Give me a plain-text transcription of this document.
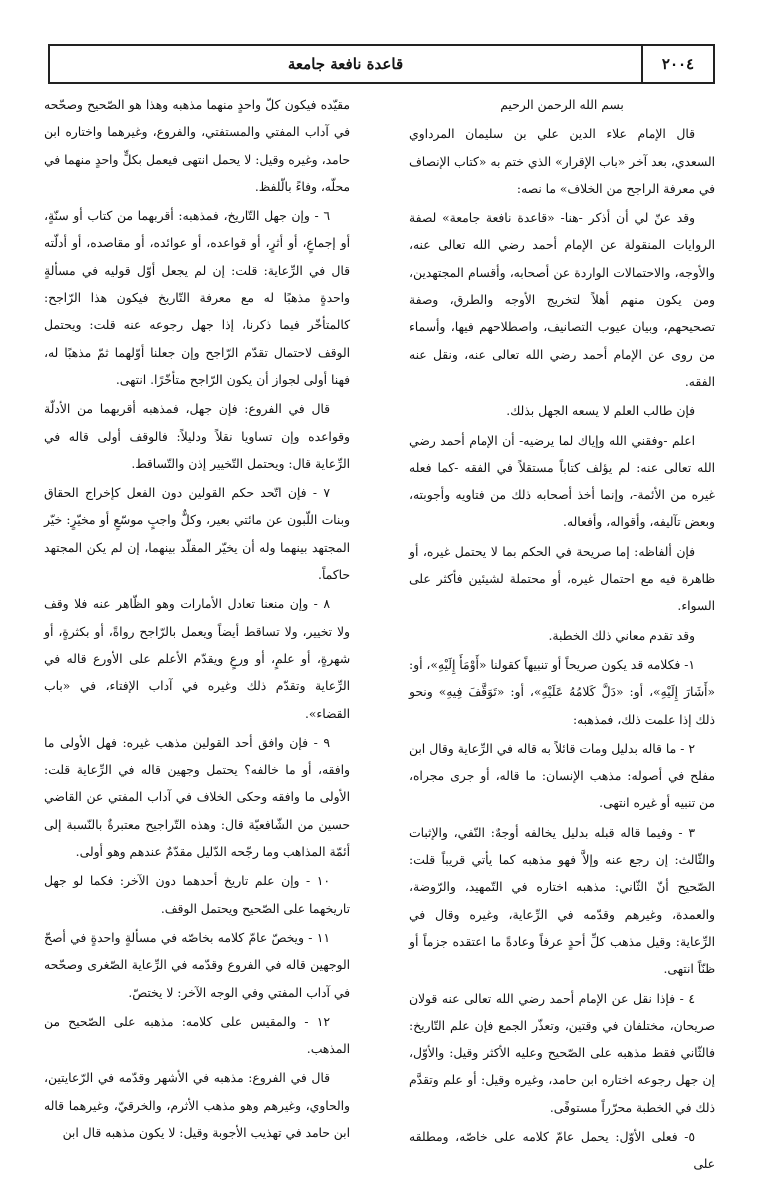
٢٠٠٤
قاعدة نافعة جامعة

بسم الله الرحمن الرحيم

قال الإمام علاء الدين علي بن سليمان المرداوي السعدي، بعد آخر «باب الإقرار» الذي ختم به «كتاب الإنصاف في معرفة الراجح من الخلاف» ما نصه:

وقد عنّ لي أن أذكر -هنا- «قاعدة نافعة جامعة» لصفة الروايات المنقولة عن الإمام أحمد رضي الله تعالى عنه، والأوجه، والاحتمالات الواردة عن أصحابه، وأقسام المجتهدين، ومن يكون منهم أهلاً لتخريج الأوجه والطرق، وصفة تصحيحهم، وبيان عيوب التصانيف، واصطلاحهم فيها، وأسماء من روى عن الإمام أحمد رضي الله تعالى عنه، ونقل عنه الفقه.

فإن طالب العلم لا يسعه الجهل بذلك.

اعلم -وفقني الله وإياك لما يرضيه- أن الإمام أحمد رضي الله تعالى عنه: لم يؤلف كتاباً مستقلاً في الفقه -كما فعله غيره من الأئمة-، وإنما أخذ أصحابه ذلك من فتاويه وأجوبته، وبعض تآليفه، وأقواله، وأفعاله.

فإن ألفاظه: إما صريحة في الحكم بما لا يحتمل غيره، أو ظاهرة فيه مع احتمال غيره، أو محتملة لشيئين فأكثر على السواء.

وقد تقدم معاني ذلك الخطبة.

١- فكلامه قد يكون صريحاً أو تنبيهاً كقولنا «أَوْمَأَ إِلَيْهِ»، أو: «أَشَارَ إِلَيْهِ»، أو: «دَلَّ كَلامُهُ عَلَيْهِ»، أو: «تَوَقَّفَ فِيهِ» ونحو ذلك إذا علمت ذلك، فمذهبه:

٢ - ما قاله بدليل ومات قائلاً به قاله في الرِّعاية وقال ابن مفلح في أصوله: مذهب الإنسان: ما قاله، أو جرى مجراه، من تنبيه أو غيره انتهى.

٣ - وفيما قاله قبله بدليل يخالفه أوجهٌ: النّفي، والإثبات والثّالث: إن رجع عنه وإلاَّ فهو مذهبه كما يأتي قريباً قلت: الصّحيح أنّ الثّاني: مذهبه اختاره في التّمهيد، والرّوضة، والعمدة، وغيرهم وقدّمه في الرِّعاية، وغيره وقال في الرِّعاية: وقيل مذهب كلِّ أحدٍ عرفاً وعادةً ما اعتقده جزماً أو ظنّاً انتهى.

٤ - فإذا نقل عن الإمام أحمد رضي الله تعالى عنه قولان صريحان، مختلفان في وقتين، وتعذّر الجمع فإن علم التّاريخ: فالثّاني فقط مذهبه على الصّحيح وعليه الأكثر وقيل: والأوّل، إن جهل رجوعه اختاره ابن حامد، وغيره وقيل: أو علم وتقدَّم ذلك في الخطبة محرّراً مستوفًى.

٥- فعلى الأوّل: يحمل عامّ كلامه على خاصّه، ومطلقه على

مقيّده فيكون كلّ واحدٍ منهما مذهبه وهذا هو الصّحيح وصحّحه في آداب المفتي والمستفتي، والفروع، وغيرهما واختاره ابن حامد، وغيره وقيل: لا يحمل انتهى فيعمل بكلٍّ واحدٍ منهما في محلّه، وفاءً بالّلفظ.

٦ - وإن جهل التّاريخ، فمذهبه: أقربهما من كتاب أو سنّةٍ، أو إجماعٍ، أو أثرٍ، أو قواعده، أو عوائده، أو مقاصده، أو أدلّته قال في الرِّعاية: قلت: إن لم يجعل أوّل قوليه في مسألةٍ واحدةٍ مذهبًا له مع معرفة التّاريخ فيكون هذا الرّاجح: كالمتأخّر فيما ذكرنا، إذا جهل رجوعه عنه قلت: ويحتمل الوقف لاحتمال تقدّم الرّاجح وإن جعلنا أوّلهما ثمّ مذهبًا له، فهنا أولى لجواز أن يكون الرّاجح متأخّرًا. انتهى.

قال في الفروع: فإن جهل، فمذهبه أقربهما من الأدلّة وقواعده وإن تساويا نقلاً ودليلاً: فالوقف أولى قاله في الرِّعاية قال: ويحتمل التّخيير إذن والتّساقط.

٧ - فإن اتّحد حكم القولين دون الفعل كإخراج الحقاق وبنات اللّبون عن مائتي بعير، وكلٌّ واجبٍ موسّعٍ أو مخيّرٍ: خيّر المجتهد بينهما وله أن يخيّر المقلّد بينهما، إن لم يكن المجتهد حاكماً.

٨ - وإن منعنا تعادل الأمارات وهو الظّاهر عنه فلا وقف ولا تخيير، ولا تساقط أيضاً ويعمل بالرّاجح رواةً، أو بكثرةٍ، أو شهرةٍ، أو علمٍ، أو ورعٍ ويقدّم الأعلم على الأورع قاله في الرِّعاية وتقدّم ذلك وغيره في آداب الإفتاء، في «باب القضاء».

٩ - فإن وافق أحد القولين مذهب غيره: فهل الأولى ما وافقه، أو ما خالفه؟ يحتمل وجهين قاله في الرِّعاية قلت: الأولى ما وافقه وحكى الخلاف في آداب المفتي عن القاضي حسين من الشّافعيّة قال: وهذه التّراجيح معتبرةٌ بالنّسبة إلى أئمّة المذاهب وما رجّحه الدّليل مقدّمٌ عندهم وهو أولى.

١٠ - وإن علم تاريخ أحدهما دون الآخر: فكما لو جهل تاريخهما على الصّحيح ويحتمل الوقف.

١١ - ويخصّ عامّ كلامه بخاصّه في مسألةٍ واحدةٍ في أصحّ الوجهين قاله في الفروع وقدّمه في الرِّعاية الصّغرى وصحّحه في آداب المفتي وفي الوجه الآخر: لا يختصّ.

١٢ - والمقيس على كلامه: مذهبه على الصّحيح من المذهب.

قال في الفروع: مذهبه في الأشهر وقدّمه في الرّعايتين، والحاوي، وغيرهم وهو مذهب الأثرم، والخرقيّ، وغيرهما قاله ابن حامد في تهذيب الأجوبة وقيل: لا يكون مذهبه قال ابن
